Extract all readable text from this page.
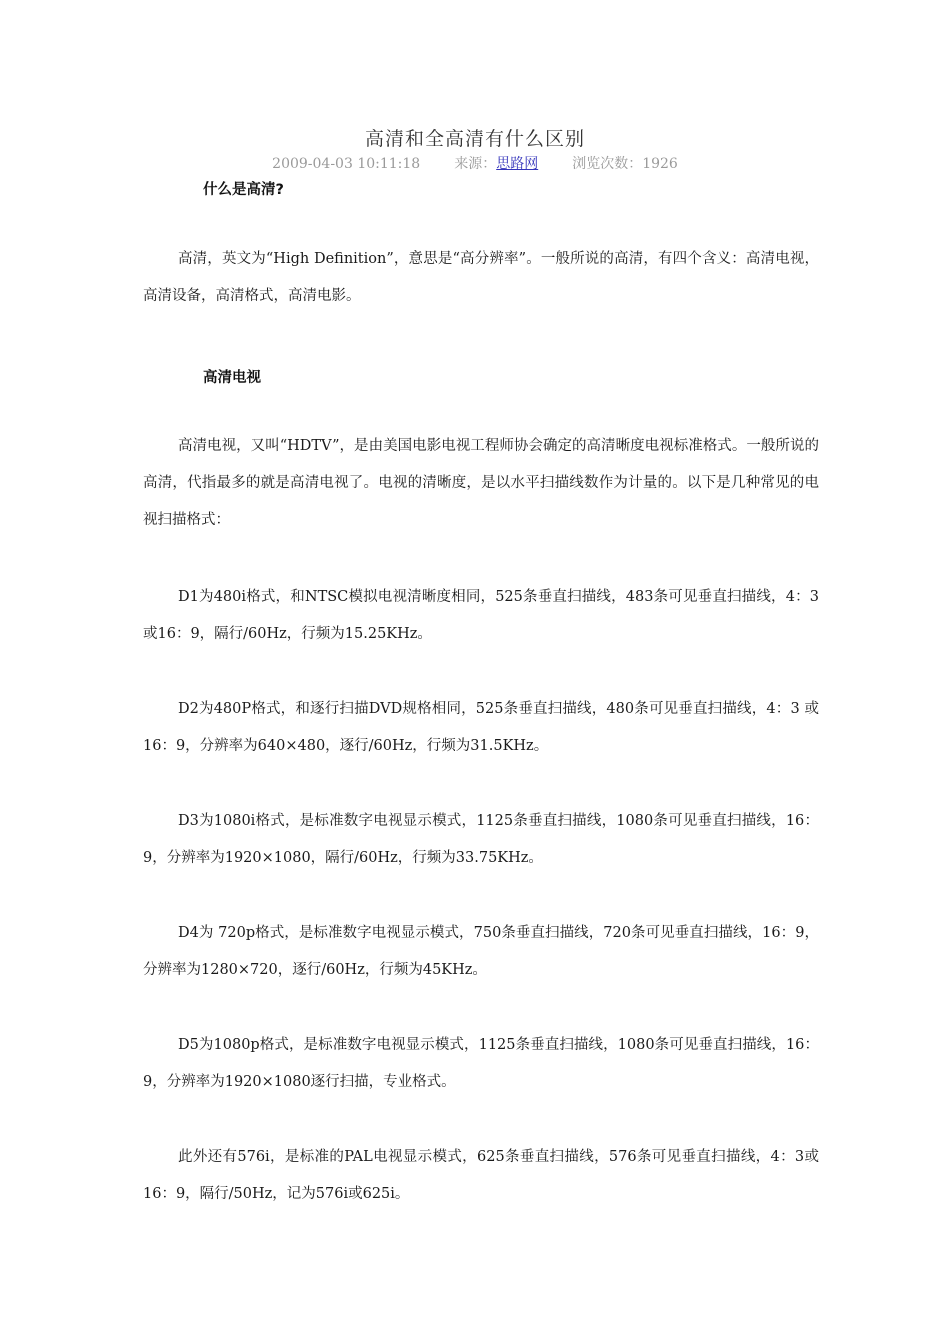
高清和全高清有什么区别
2009-04-03 10:11:18 来源：思路网 浏览次数：1926
什么是高清?

高清，英文为“High Definition”，意思是“高分辨率”。一般所说的高清，有四个含义：高清电视，高清设备，高清格式，高清电影。

高清电视

高清电视，又叫“HDTV”，是由美国电影电视工程师协会确定的高清晰度电视标准格式。一般所说的高清，代指最多的就是高清电视了。电视的清晰度，是以水平扫描线数作为计量的。以下是几种常见的电视扫描格式：

D1为480i格式，和NTSC模拟电视清晰度相同，525条垂直扫描线，483条可见垂直扫描线，4：3 或16：9，隔行/60Hz，行频为15.25KHz。

D2为480P格式，和逐行扫描DVD规格相同，525条垂直扫描线，480条可见垂直扫描线，4：3 或 16：9，分辨率为640×480，逐行/60Hz，行频为31.5KHz。

D3为1080i格式，是标准数字电视显示模式，1125条垂直扫描线，1080条可见垂直扫描线，16：9，分辨率为1920×1080，隔行/60Hz，行频为33.75KHz。

D4为 720p格式，是标准数字电视显示模式，750条垂直扫描线，720条可见垂直扫描线，16：9，分辨率为1280×720，逐行/60Hz，行频为45KHz。

D5为1080p格式，是标准数字电视显示模式，1125条垂直扫描线，1080条可见垂直扫描线，16：9，分辨率为1920×1080逐行扫描，专业格式。

此外还有576i，是标准的PAL电视显示模式，625条垂直扫描线，576条可见垂直扫描线，4：3或16：9，隔行/50Hz，记为576i或625i。
